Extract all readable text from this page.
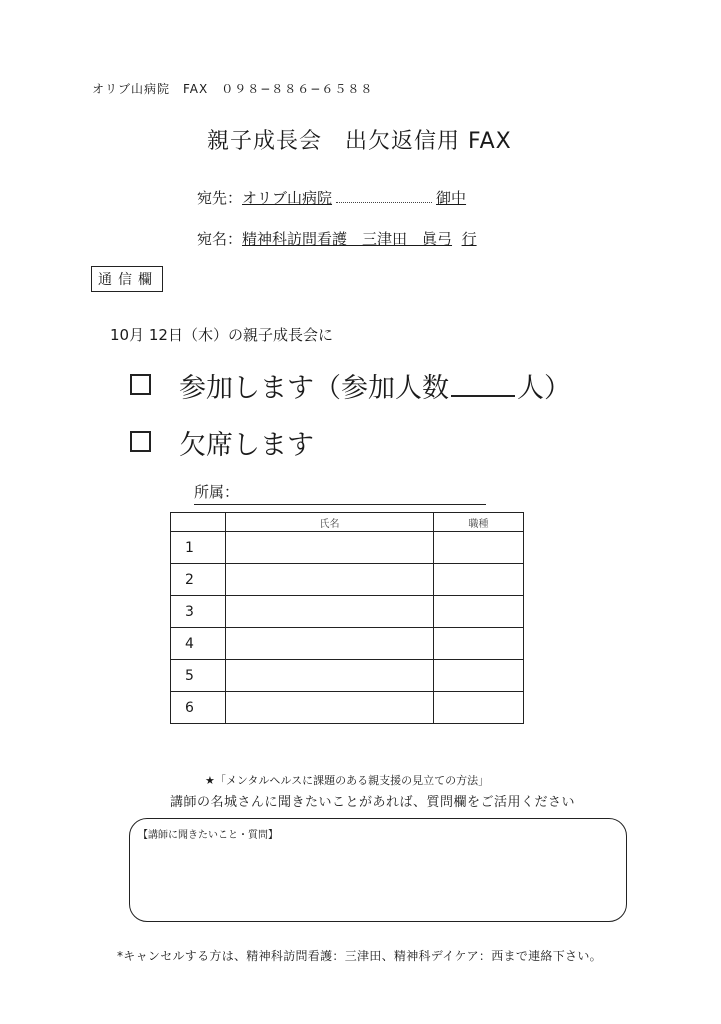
オリブ山病院　FAX　０９８−８８６−６５８８
親子成長会　出欠返信用 FAX
宛先：オリブ山病院	御中
宛名：精神科訪問看護　三津田　眞弓 行
通信欄
10月 12日（木）の親子成長会に
参加します（参加人数	人）
欠席します
所属：
	氏名	職種
1		
2		
3		
4		
5		
6		
★「メンタルヘルスに課題のある親支援の見立ての方法」
講師の名城さんに聞きたいことがあれば、質問欄をご活用ください
【講師に聞きたいこと・質問】
*キャンセルする方は、精神科訪問看護：三津田、精神科デイケア：西まで連絡下さい。
